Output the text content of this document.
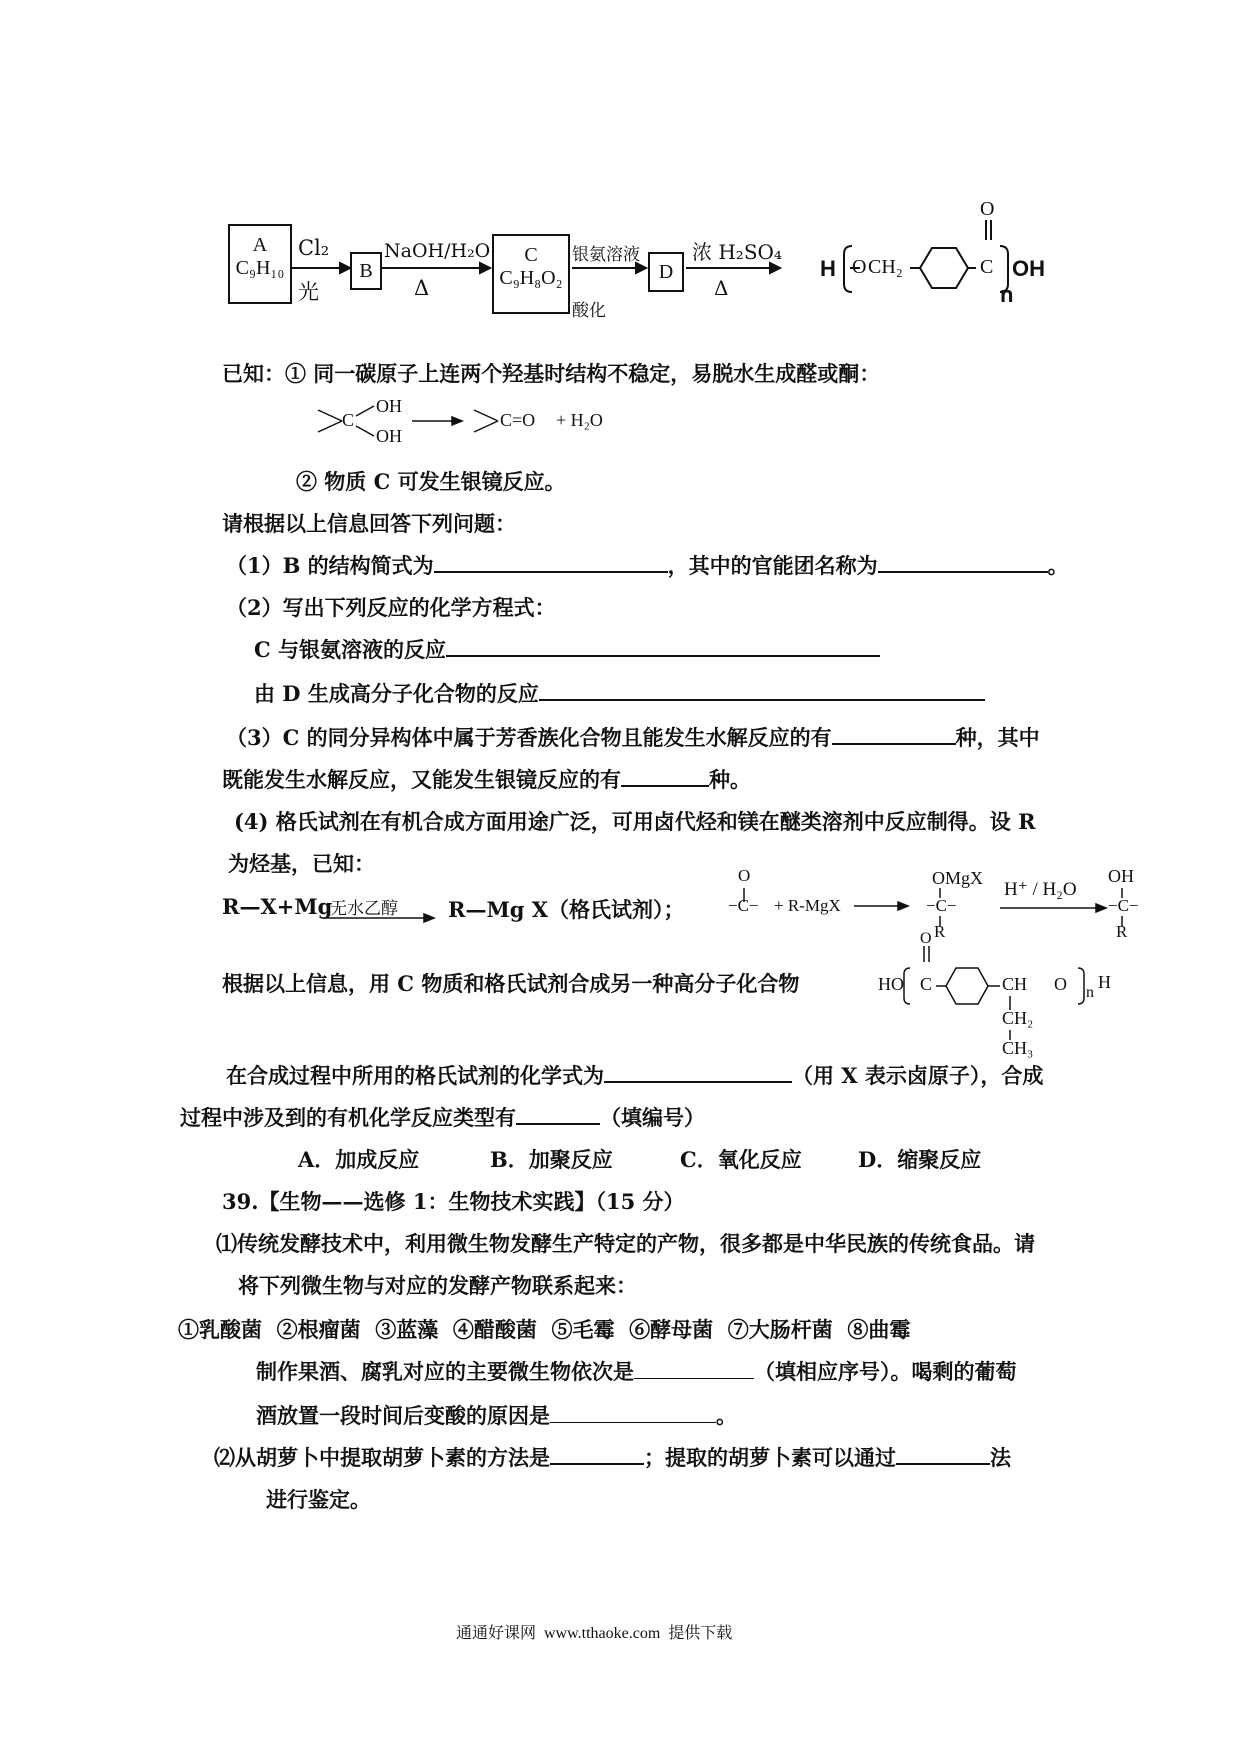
A
C₉H₁₀
Cl₂
光
B
NaOH/H₂O
Δ
C
C₉H₈O₂
银氨溶液
酸化
D
浓 H₂SO₄
Δ
H O CH₂
O
C OH
n
已知：① 同一碳原子上连两个羟基时结构不稳定，易脱水生成醛或酮：
C
OH
OH
C=O + H₂O
② 物质 C 可发生银镜反应。
请根据以上信息回答下列问题：
（1）B 的结构简式为	，其中的官能团名称为	。
（2）写出下列反应的化学方程式：
C 与银氨溶液的反应
由 D 生成高分子化合物的反应
（3）C 的同分异构体中属于芳香族化合物且能发生水解反应的有	种，其中
既能发生水解反应，又能发生银镜反应的有	种。
(4) 格氏试剂在有机合成方面用途广泛，可用卤代烃和镁在醚类溶剂中反应制得。设 R
为烃基，已知：
R—X+Mg
无水乙醇 R—Mg X（格氏试剂）；
O
−C− + R-MgX
OMgX
−C−
R
H⁺ / H₂O
OH
−C−
R
根据以上信息，用 C 物质和格氏试剂合成另一种高分子化合物	HO
O
C	CH O n
H
CH₂
CH₃
在合成过程中所用的格氏试剂的化学式为	（用 X 表示卤原子），合成
过程中涉及到的有机化学反应类型有	（填编号）
A．加成反应	B．加聚反应	C．氧化反应	D．缩聚反应
39.【生物——选修 1：生物技术实践】（15 分）
⑴传统发酵技术中，利用微生物发酵生产特定的产物，很多都是中华民族的传统食品。请
将下列微生物与对应的发酵产物联系起来：
①乳酸菌  ②根瘤菌  ③蓝藻  ④醋酸菌  ⑤毛霉  ⑥酵母菌  ⑦大肠杆菌  ⑧曲霉
制作果酒、腐乳对应的主要微生物依次是	（填相应序号）。喝剩的葡萄
酒放置一段时间后变酸的原因是	。
⑵从胡萝卜中提取胡萝卜素的方法是	；提取的胡萝卜素可以通过	法
进行鉴定。
通通好课网  www.tthaoke.com  提供下载
